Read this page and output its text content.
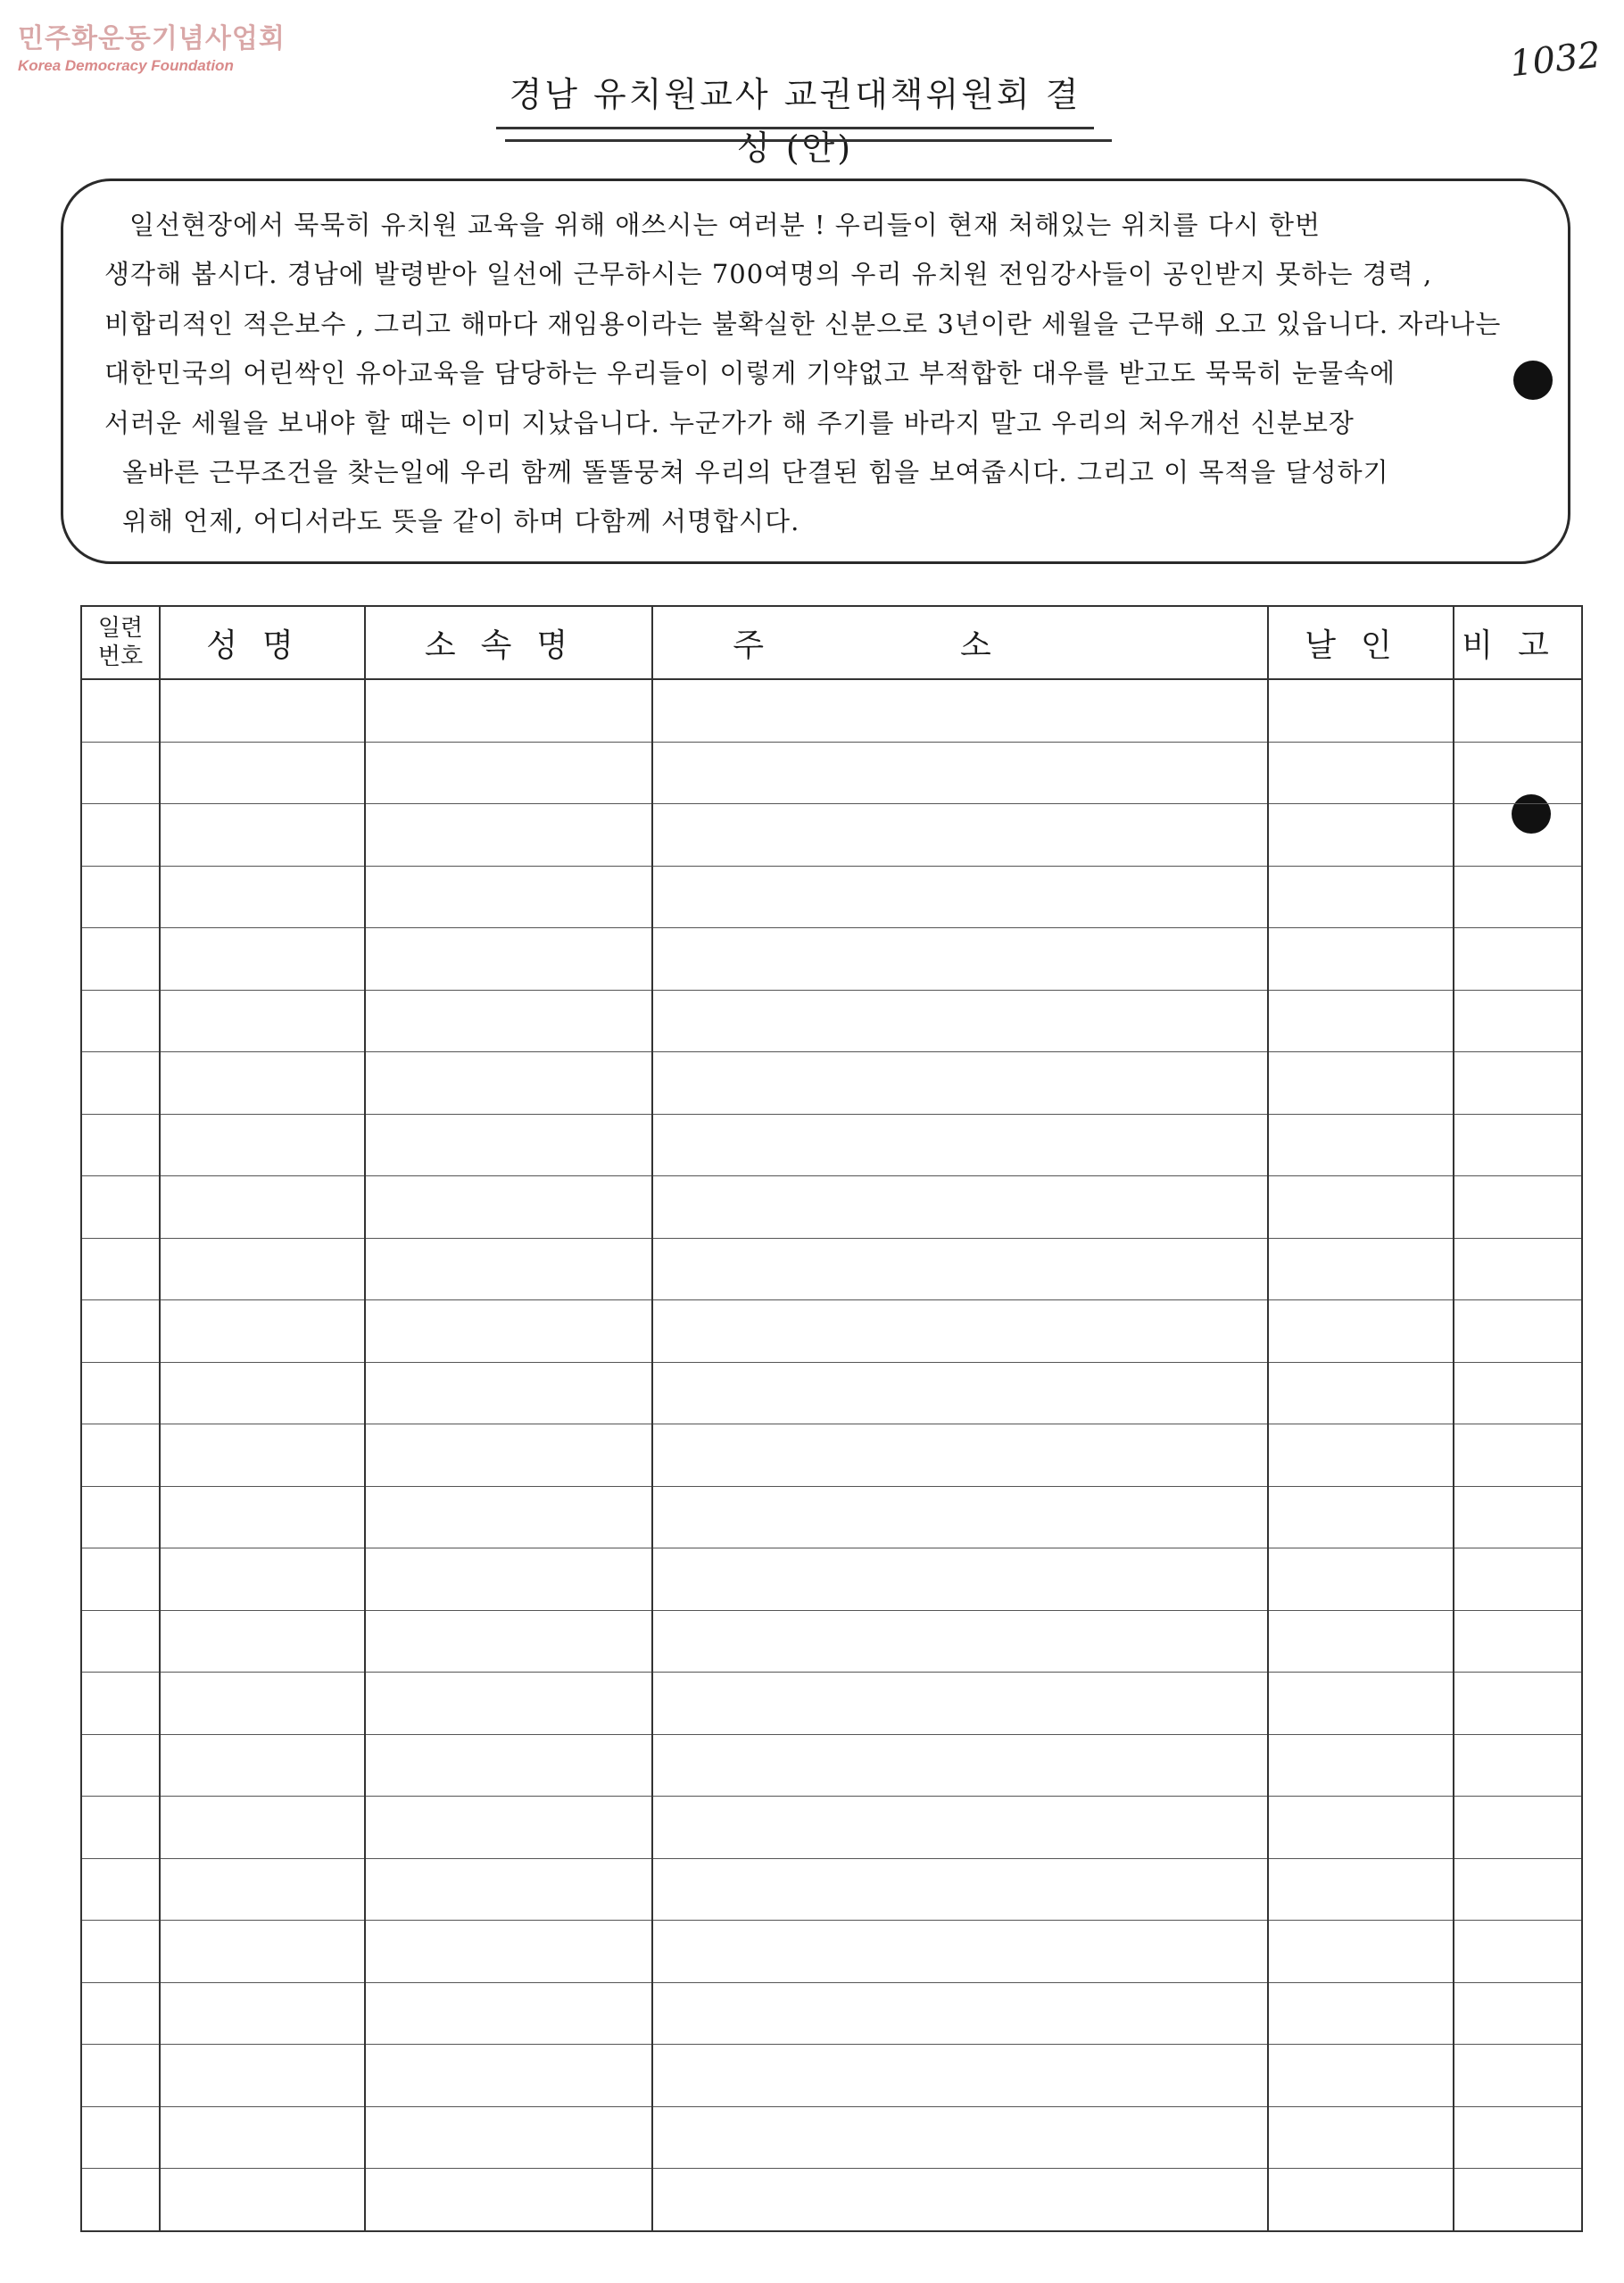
민주화운동기념사업회
Korea Democracy Foundation	1032
경남 유치원교사 교권대책위원회 결성 (안)
일선현장에서 묵묵히 유치원 교육을 위해 애쓰시는 여러분 ! 우리들이 현재 처해있는 위치를 다시 한번
생각해 봅시다. 경남에 발령받아 일선에 근무하시는 700여명의 우리 유치원 전임강사들이 공인받지 못하는 경력 ,
비합리적인 적은보수 , 그리고 해마다 재임용이라는 불확실한 신분으로 3년이란 세월을 근무해 오고 있읍니다. 자라나는
대한민국의 어린싹인 유아교육을 담당하는 우리들이 이렇게 기약없고 부적합한 대우를 받고도 묵묵히 눈물속에
서러운 세월을 보내야 할 때는 이미 지났읍니다. 누군가가 해 주기를 바라지 말고 우리의 처우개선 신분보장
올바른 근무조건을 찾는일에 우리 함께 똘똘뭉쳐 우리의 단결된 힘을 보여줍시다. 그리고 이 목적을 달성하기
위해 언제, 어디서라도 뜻을 같이 하며 다함께 서명합시다.
일련
번호	성명	소속명	주소	날인	비고
